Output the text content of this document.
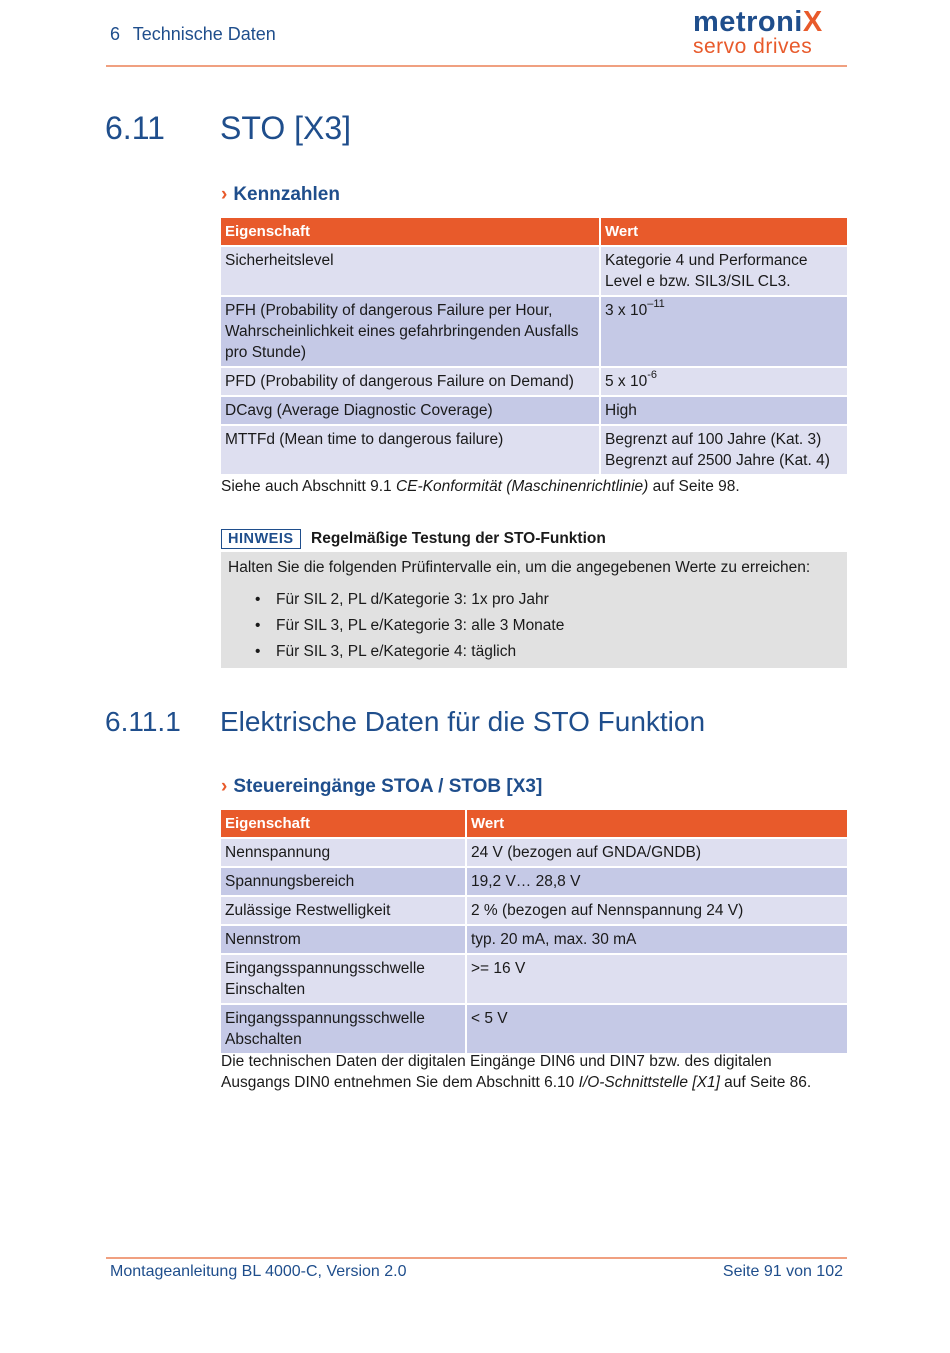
6 Technische Daten	metroniX
servo drives
6.11 STO [X3]
› Kennzahlen
Eigenschaft	Wert
Sicherheitslevel	Kategorie 4 und Performance Level e bzw. SIL3/SIL CL3.
PFH (Probability of dangerous Failure per Hour, Wahrscheinlichkeit eines gefahrbringenden Ausfalls pro Stunde)	3 x $10^{-11}$
PFD (Probability of dangerous Failure on Demand)	5 x $10^{-6}$
DCavg (Average Diagnostic Coverage)	High
MTTFd (Mean time to dangerous failure)	Begrenzt auf 100 Jahre (Kat. 3)
Begrenzt auf 2500 Jahre (Kat. 4)
Siehe auch Abschnitt 9.1 CE-Konformität (Maschinenrichtlinie) auf Seite 98.
HINWEIS	Regelmäßige Testung der STO-Funktion
Halten Sie die folgenden Prüfintervalle ein, um die angegebenen Werte zu erreichen:
• Für SIL 2, PL d/Kategorie 3: 1x pro Jahr
• Für SIL 3, PL e/Kategorie 3: alle 3 Monate
• Für SIL 3, PL e/Kategorie 4: täglich
6.11.1 Elektrische Daten für die STO Funktion
› Steuereingänge STOA / STOB [X3]
Eigenschaft	Wert
Nennspannung	24 V (bezogen auf GNDA/GNDB)
Spannungsbereich	19,2 V… 28,8 V
Zulässige Restwelligkeit	2 % (bezogen auf Nennspannung 24 V)
Nennstrom	typ. 20 mA, max. 30 mA
Eingangsspannungsschwelle Einschalten	>= 16 V
Eingangsspannungsschwelle Abschalten	< 5 V
Die technischen Daten der digitalen Eingänge DIN6 und DIN7 bzw. des digitalen Ausgangs DIN0 entnehmen Sie dem Abschnitt 6.10 I/O-Schnittstelle [X1] auf Seite 86.
Montageanleitung BL 4000-C, Version 2.0	Seite 91 von 102
